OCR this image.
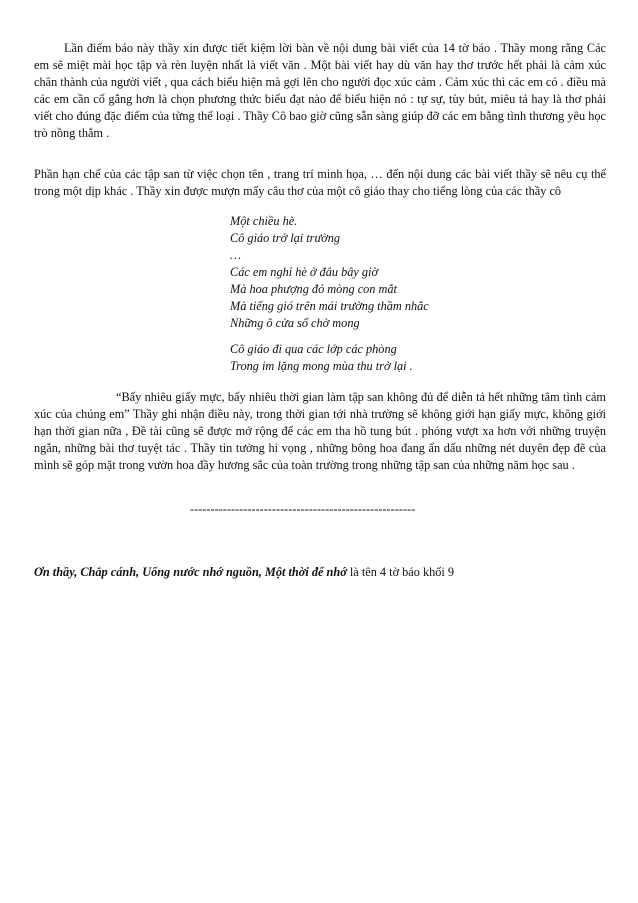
Lần điểm báo này thầy xin được tiết kiệm lời bàn về nội dung bài viết của 14 tờ báo . Thầy mong rằng Các em sẽ miệt mài học tập và rèn luyện nhất là viết văn . Một bài viết hay dù văn hay thơ trước hết phải là cảm xúc chân thành của người viết , qua cách biểu hiện mà gợi lên cho người đọc xúc cảm . Cảm xúc thì các em có . điều mà các em cần cố gắng hơn là chọn phương thức biểu đạt nào để biểu hiện nó : tự sự, tùy bút, miêu tả hay là thơ phải viết cho đúng đặc điểm của từng thể loại . Thầy Cô bao giờ cũng sẵn sàng giúp đỡ các em bằng tình thương yêu học trò nồng thắm .

Phần hạn chế của các tập san từ việc chọn tên , trang trí minh họa, … đến nội dung các bài viết thầy sẽ nêu cụ thể trong một dịp khác . Thầy xin được mượn mấy câu thơ của một cô giáo thay cho tiếng lòng của các thầy cô

Một chiều hè.
Cô giáo trở lại trường
…
Các em nghỉ hè ở đâu bây giờ
Mà hoa phượng đỏ mòng con mắt
Mà tiếng gió trên mái trường thầm nhắc
Những ô cửa sổ chờ mong
Cô giáo đi qua các lớp các phòng
Trong im lặng mong mùa thu trở lại .

“Bấy nhiêu giấy mực, bấy nhiêu thời gian làm tập san không đủ để diễn tả hết những tâm tình cảm xúc của chúng em” Thầy ghi nhận điều này, trong thời gian tới nhà trường sẽ không giới hạn giấy mực, không giới hạn thời gian nữa , Đề tài cũng sẽ được mở rộng để các em tha hồ tung bút . phóng vượt xa hơn với những truyện ngắn, những bài thơ tuyệt tác . Thầy tin tưởng hi vọng , những bông hoa đang ẩn dấu những nét duyên đẹp đẽ của mình sẽ góp mặt trong vườn hoa đầy hương sắc của toàn trường trong những tập san của những năm học sau .

-------------------------------------------------------
Ơn thầy, Chắp cánh, Uống nước nhớ nguồn, Một thời để nhớ là tên 4 tờ báo khối 9
